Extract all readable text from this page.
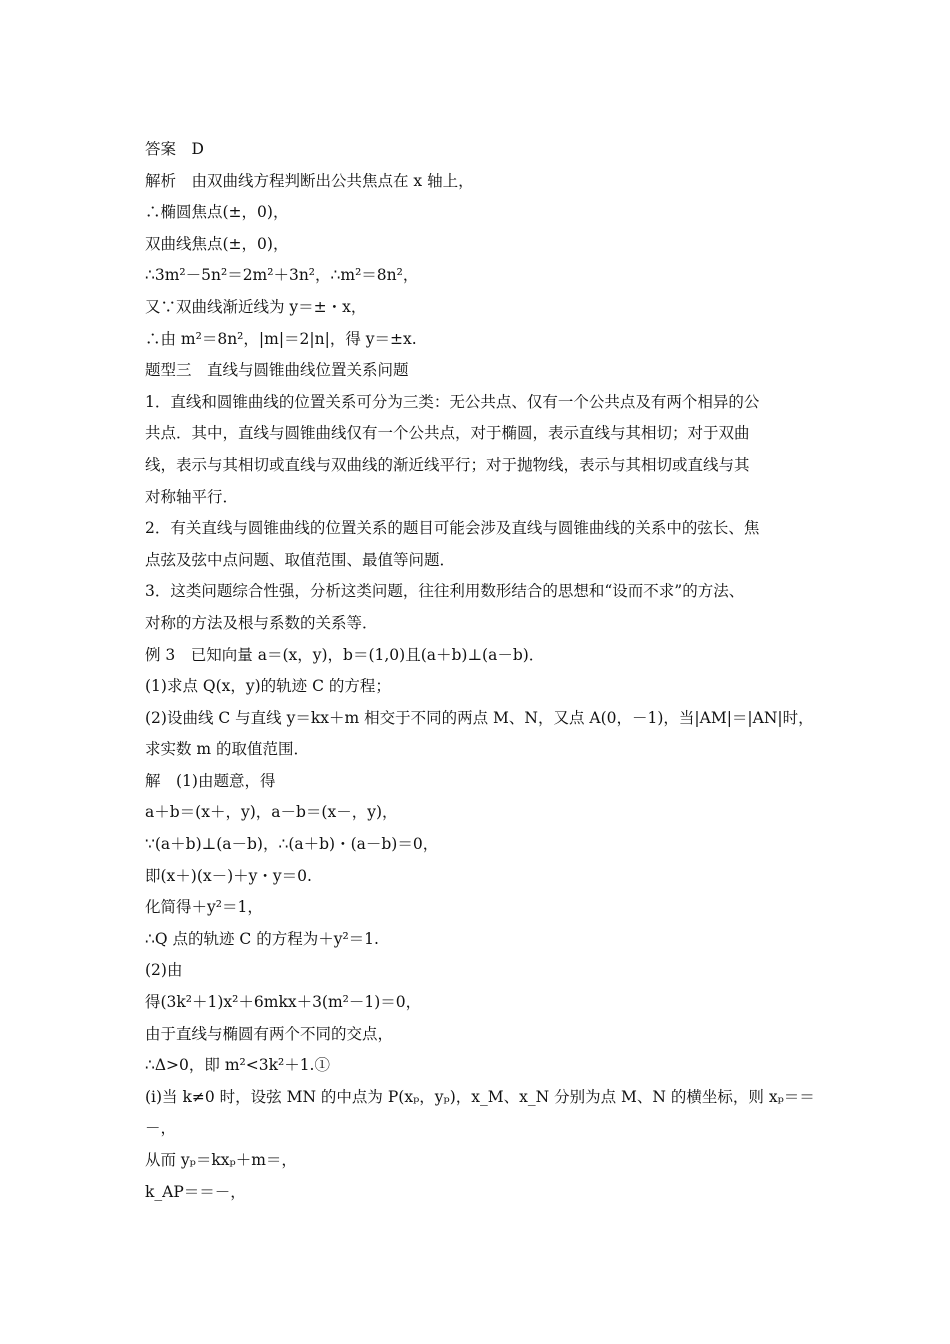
答案　D
解析　由双曲线方程判断出公共焦点在 x 轴上，
∴椭圆焦点(±，0)，
双曲线焦点(±，0)，
∴3m²－5n²＝2m²＋3n²，∴m²＝8n²，
又∵双曲线渐近线为 y＝±・x，
∴由 m²＝8n²，|m|＝2|n|，得 y＝±x.
题型三　直线与圆锥曲线位置关系问题
1．直线和圆锥曲线的位置关系可分为三类：无公共点、仅有一个公共点及有两个相异的公
共点．其中，直线与圆锥曲线仅有一个公共点，对于椭圆，表示直线与其相切；对于双曲
线，表示与其相切或直线与双曲线的渐近线平行；对于抛物线，表示与其相切或直线与其
对称轴平行．
2．有关直线与圆锥曲线的位置关系的题目可能会涉及直线与圆锥曲线的关系中的弦长、焦
点弦及弦中点问题、取值范围、最值等问题．
3．这类问题综合性强，分析这类问题，往往利用数形结合的思想和“设而不求”的方法、
对称的方法及根与系数的关系等．
例 3　已知向量 a＝(x，y)，b＝(1,0)且(a＋b)⊥(a－b)．
(1)求点 Q(x，y)的轨迹 C 的方程；
(2)设曲线 C 与直线 y＝kx＋m 相交于不同的两点 M、N，又点 A(0，－1)，当|AM|＝|AN|时，
求实数 m 的取值范围．
解　(1)由题意，得
a＋b＝(x＋，y)，a－b＝(x－，y)，
∵(a＋b)⊥(a－b)，∴(a＋b)・(a－b)＝0，
即(x＋)(x－)＋y・y＝0.
化简得＋y²＝1，
∴Q 点的轨迹 C 的方程为＋y²＝1.
(2)由
得(3k²＋1)x²＋6mkx＋3(m²－1)＝0，
由于直线与椭圆有两个不同的交点，
∴Δ>0，即 m²<3k²＋1.①
(ⅰ)当 k≠0 时，设弦 MN 的中点为 P(xₚ，yₚ)，x_M、x_N 分别为点 M、N 的横坐标，则 xₚ＝＝
－，
从而 yₚ＝kxₚ＋m＝，
k_AP＝＝－，
